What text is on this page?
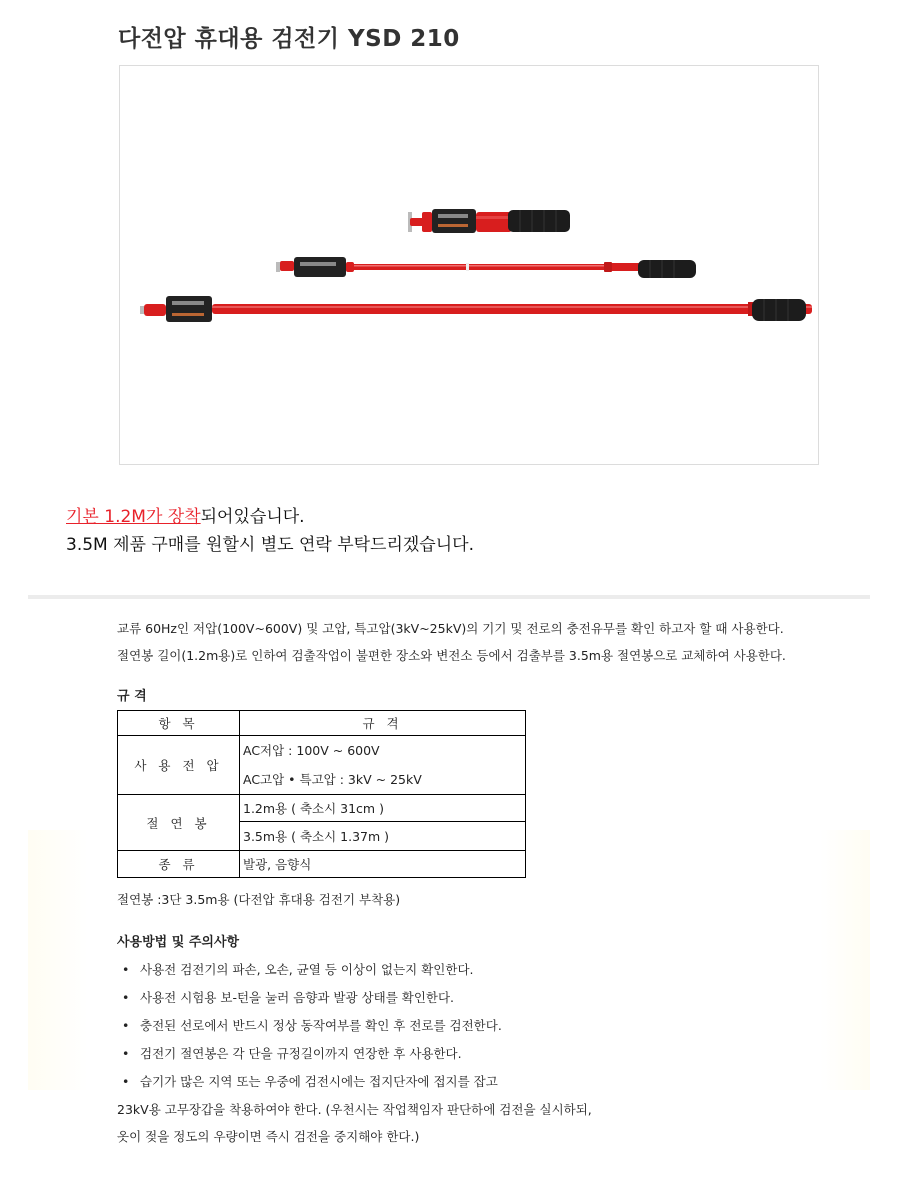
다전압 휴대용 검전기 YSD 210
기본 1.2M가 장착되어있습니다.
3.5M 제품 구매를 원할시 별도 연락 부탁드리겠습니다.

교류 60Hz인 저압(100V~600V) 및 고압, 특고압(3kV~25kV)의 기기 및 전로의 충전유무를 확인 하고자 할 때 사용한다.

절연봉 길이(1.2m용)로 인하여 검출작업이 불편한 장소와 변전소 등에서 검출부를 3.5m용 절연봉으로 교체하여 사용한다.

규 격

항 목	규 격
사 용 전 압	AC저압 : 100V ~ 600V
AC고압 • 특고압 : 3kV ~ 25kV

절 연 봉	1.2m용 ( 축소시 31cm )
	3.5m용 ( 축소시 1.37m )
종 류	발광, 음향식

절연봉 :3단 3.5m용 (다전압 휴대용 검전기 부착용)

사용방법 및 주의사항

• 사용전 검전기의 파손, 오손, 균열 등 이상이 없는지 확인한다.
• 사용전 시험용 보-턴을 눌러 음향과 발광 상태를 확인한다.
• 충전된 선로에서 반드시 정상 동작여부를 확인 후 전로를 검전한다.
• 검전기 절연봉은 각 단을 규정길이까지 연장한 후 사용한다.
• 습기가 많은 지역 또는 우중에 검전시에는 접지단자에 접지를 잡고

23kV용 고무장갑을 착용하여야 한다. (우천시는 작업책임자 판단하에 검전을 실시하되,

옷이 젖을 정도의 우량이면 즉시 검전을 중지해야 한다.)
